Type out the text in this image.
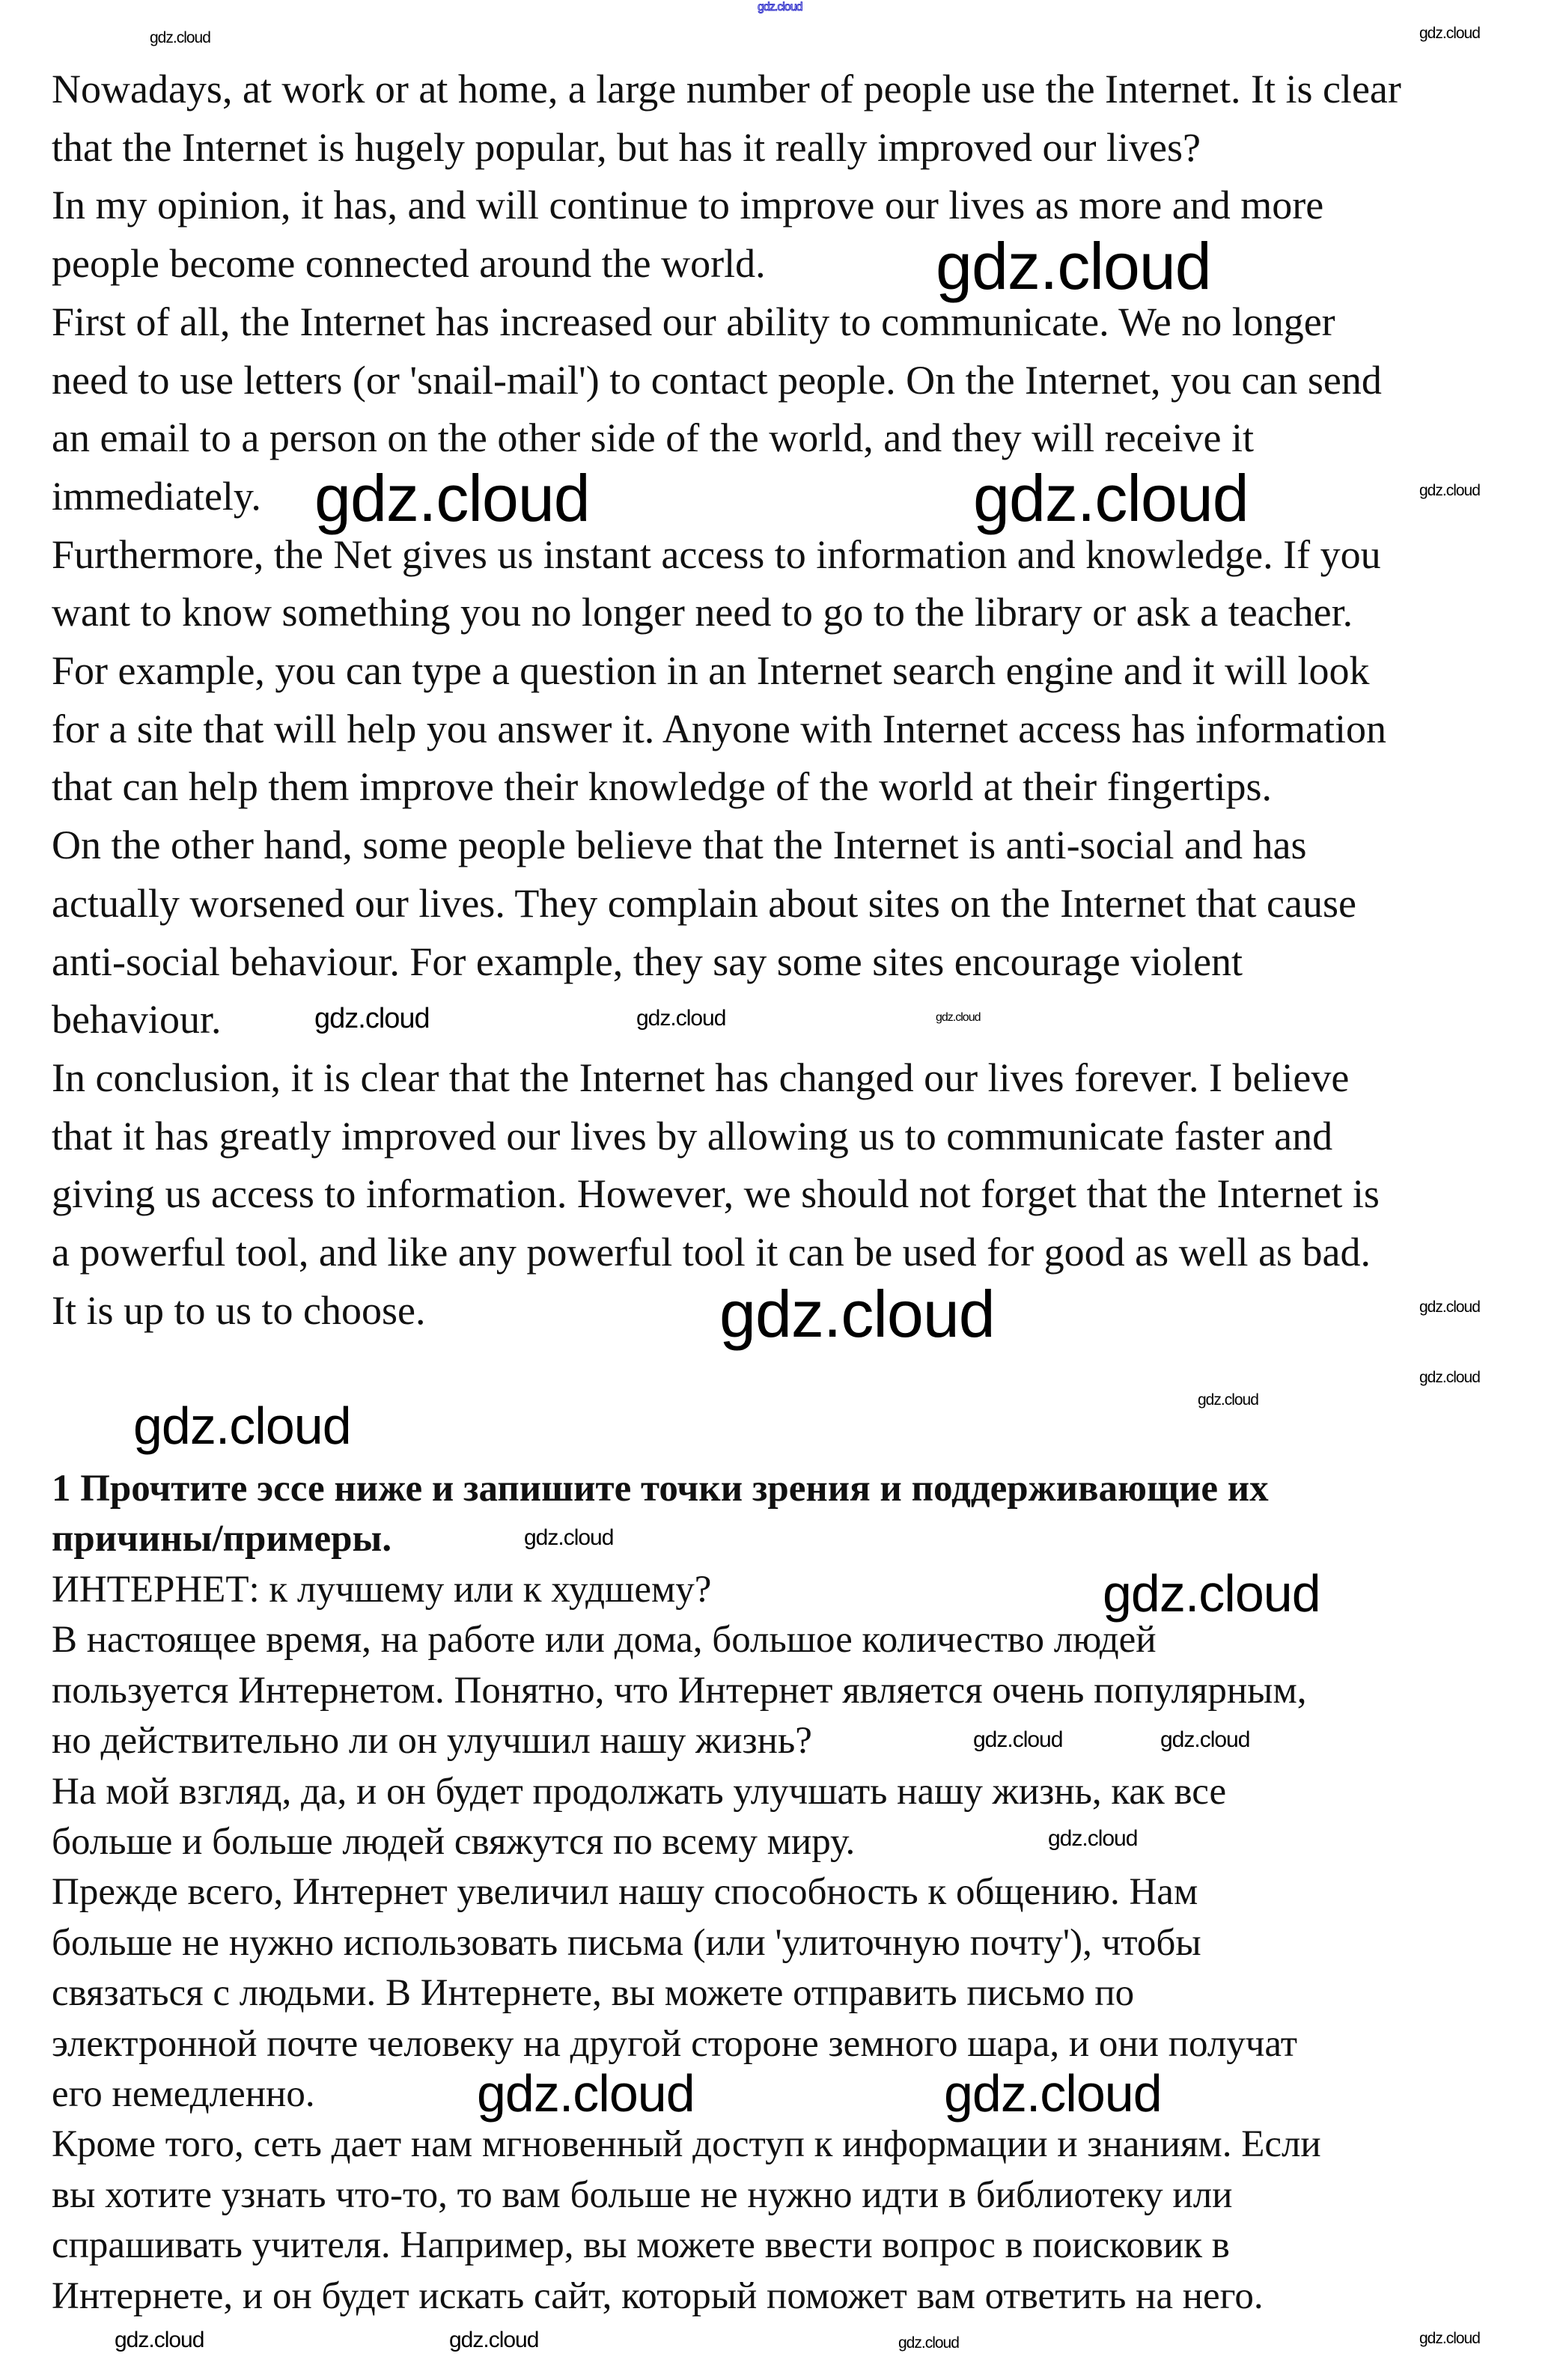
Nowadays, at work or at home, a large number of people use the Internet. It is clear
that the Internet is hugely popular, but has it really improved our lives?
In my opinion, it has, and will continue to improve our lives as more and more
people become connected around the world.
First of all, the Internet has increased our ability to communicate. We no longer
need to use letters (or 'snail-mail') to contact people. On the Internet, you can send
an email to a person on the other side of the world, and they will receive it
immediately.
Furthermore, the Net gives us instant access to information and knowledge. If you
want to know something you no longer need to go to the library or ask a teacher.
For example, you can type a question in an Internet search engine and it will look
for a site that will help you answer it. Anyone with Internet access has information
that can help them improve their knowledge of the world at their fingertips.
On the other hand, some people believe that the Internet is anti-social and has
actually worsened our lives. They complain about sites on the Internet that cause
anti-social behaviour. For example, they say some sites encourage violent
behaviour.
In conclusion, it is clear that the Internet has changed our lives forever. I believe
that it has greatly improved our lives by allowing us to communicate faster and
giving us access to information. However, we should not forget that the Internet is
a powerful tool, and like any powerful tool it can be used for good as well as bad.
It is up to us to choose.
1 Прочтите эссе ниже и запишите точки зрения и поддерживающие их
причины/примеры.
ИНТЕРНЕТ: к лучшему или к худшему?
В настоящее время, на работе или дома, большое количество людей
пользуется Интернетом. Понятно, что Интернет является очень популярным,
но действительно ли он улучшил нашу жизнь?
На мой взгляд, да, и он будет продолжать улучшать нашу жизнь, как все
больше и больше людей свяжутся по всему миру.
Прежде всего, Интернет увеличил нашу способность к общению. Нам
больше не нужно использовать письма (или 'улиточную почту'), чтобы
связаться с людьми. В Интернете, вы можете отправить письмо по
электронной почте человеку на другой стороне земного шара, и они получат
его немедленно.
Кроме того, сеть дает нам мгновенный доступ к информации и знаниям. Если
вы хотите узнать что-то, то вам больше не нужно идти в библиотеку или
спрашивать учителя. Например, вы можете ввести вопрос в поисковик в
Интернете, и он будет искать сайт, который поможет вам ответить на него.
gdz.cloud
gdz.cloud
gdz.cloud	gdz.cloud
gdz.cloud
gdz.cloud
gdz.cloud
gdz.cloud	gdz.cloud
gdz.cloud	gdz.cloud
gdz.cloud	gdz.cloud
gdz.cloud
gdz.cloud
gdz.cloud	gdz.cloud
gdz.cloud
gdz.cloud
gdz.cloud
gdz.cloud
gdz.cloud
gdz.cloud
gdz.cloud
gdz.cloud
gdz.cloud
